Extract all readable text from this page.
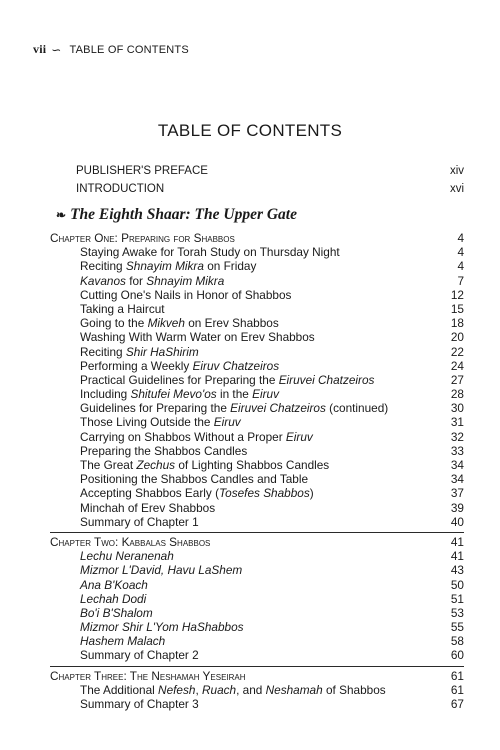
vii ∽ TABLE OF CONTENTS
TABLE OF CONTENTS
PUBLISHER'S PREFACE	xiv
INTRODUCTION	xvi
❧ The Eighth Shaar: The Upper Gate
Chapter One: Preparing for Shabbos	4
Staying Awake for Torah Study on Thursday Night	4
Reciting Shnayim Mikra on Friday	4
Kavanos for Shnayim Mikra	7
Cutting One's Nails in Honor of Shabbos	12
Taking a Haircut	15
Going to the Mikveh on Erev Shabbos	18
Washing With Warm Water on Erev Shabbos	20
Reciting Shir HaShirim	22
Performing a Weekly Eiruv Chatzeiros	24
Practical Guidelines for Preparing the Eiruvei Chatzeiros	27
Including Shitufei Mevo'os in the Eiruv	28
Guidelines for Preparing the Eiruvei Chatzeiros (continued)	30
Those Living Outside the Eiruv	31
Carrying on Shabbos Without a Proper Eiruv	32
Preparing the Shabbos Candles	33
The Great Zechus of Lighting Shabbos Candles	34
Positioning the Shabbos Candles and Table	34
Accepting Shabbos Early (Tosefes Shabbos)	37
Minchah of Erev Shabbos	39
Summary of Chapter 1	40
Chapter Two: Kabbalas Shabbos	41
Lechu Neranenah	41
Mizmor L'David, Havu LaShem	43
Ana B'Koach	50
Lechah Dodi	51
Bo'i B'Shalom	53
Mizmor Shir L'Yom HaShabbos	55
Hashem Malach	58
Summary of Chapter 2	60
Chapter Three: The Neshamah Yeseirah	61
The Additional Nefesh, Ruach, and Neshamah of Shabbos	61
Summary of Chapter 3	67
